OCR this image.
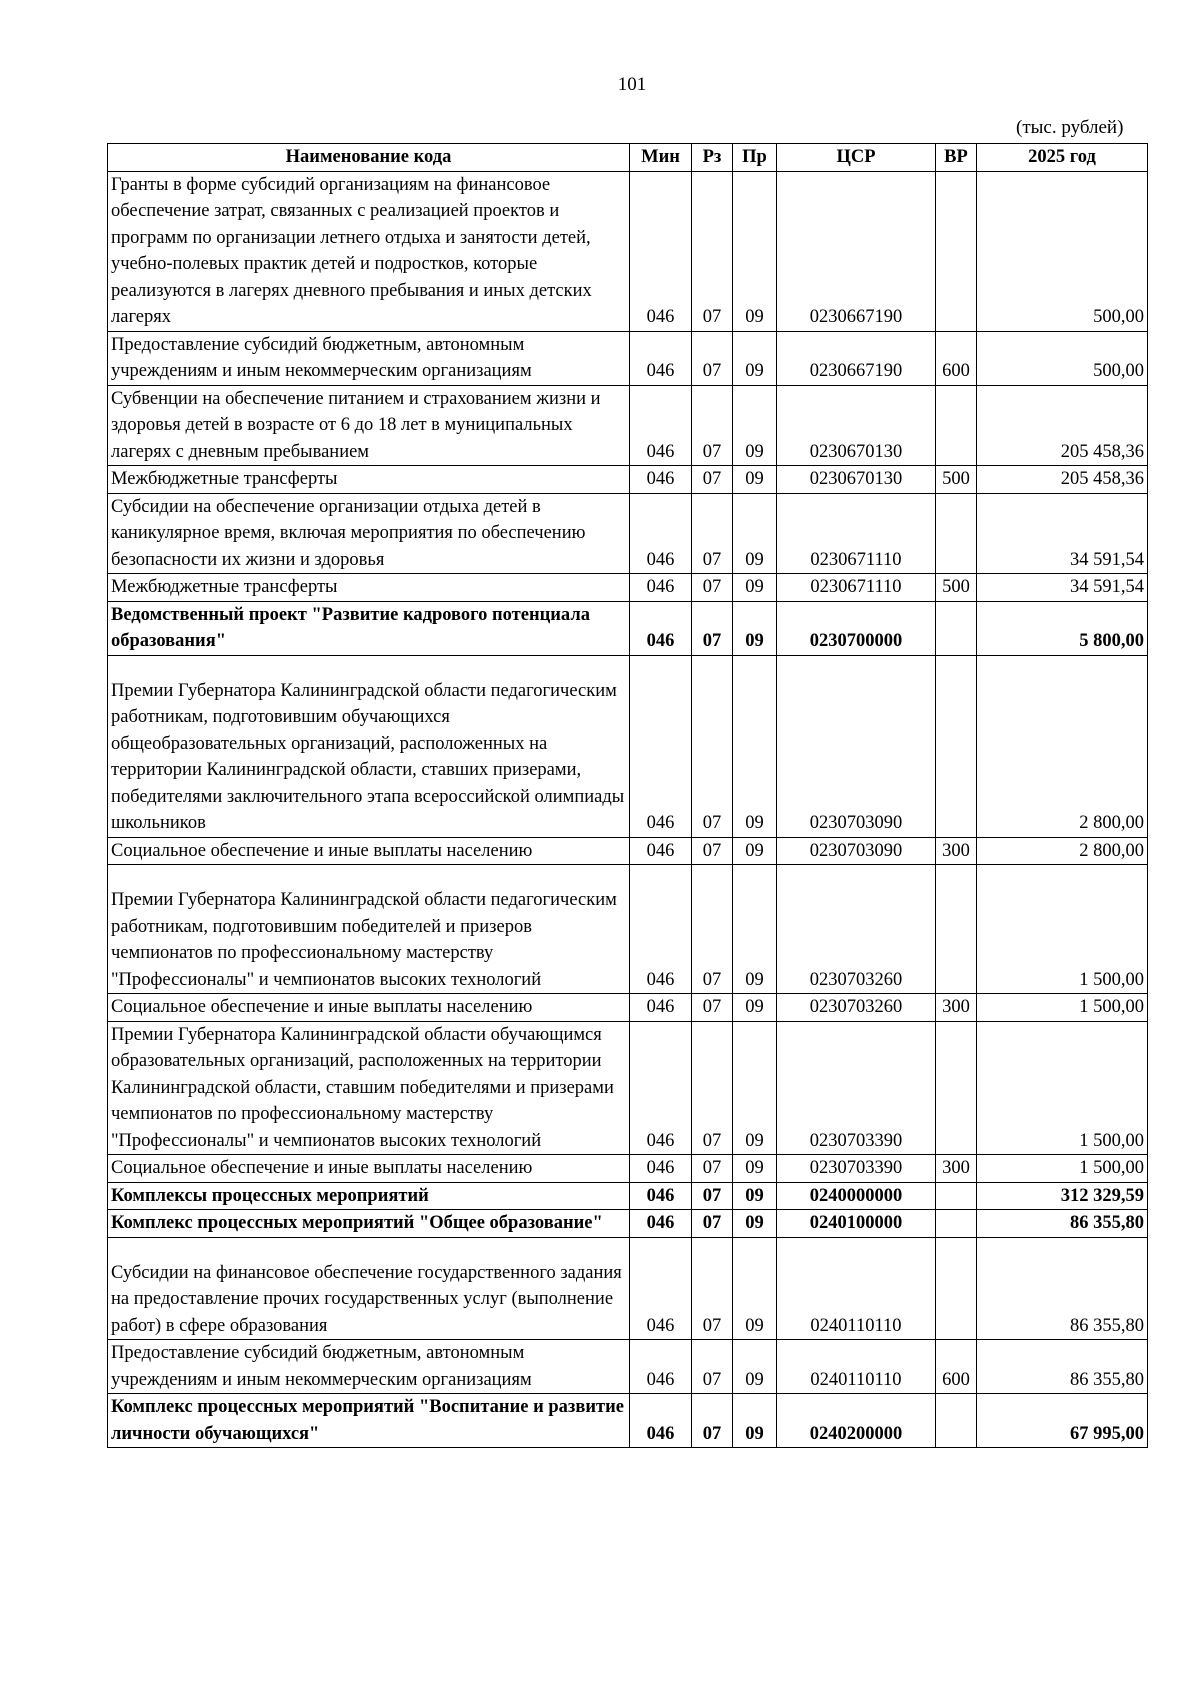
101
(тыс. рублей)
Наименование кода	Мин	Рз	Пр	ЦСР	ВР	2025 год
Гранты в форме субсидий организациям на финансовое обеспечение затрат, связанных с реализацией проектов и программ по организации летнего отдыха и занятости детей, учебно-полевых практик детей и подростков, которые реализуются в лагерях дневного пребывания и иных детских лагерях	046	07	09	0230667190		500,00
Предоставление субсидий бюджетным, автономным учреждениям и иным некоммерческим организациям	046	07	09	0230667190	600	500,00
Субвенции на обеспечение питанием и страхованием жизни и здоровья детей в возрасте от 6 до 18 лет в муниципальных лагерях с дневным пребыванием	046	07	09	0230670130		205 458,36
Межбюджетные трансферты	046	07	09	0230670130	500	205 458,36
Субсидии на обеспечение организации отдыха детей в каникулярное время, включая мероприятия по обеспечению безопасности их жизни и здоровья	046	07	09	0230671110		34 591,54
Межбюджетные трансферты	046	07	09	0230671110	500	34 591,54
Ведомственный проект "Развитие кадрового потенциала образования"	046	07	09	0230700000		5 800,00
Премии Губернатора Калининградской области педагогическим работникам, подготовившим обучающихся общеобразовательных организаций, расположенных на территории Калининградской области, ставших призерами, победителями заключительного этапа всероссийской олимпиады школьников	046	07	09	0230703090		2 800,00
Социальное обеспечение и иные выплаты населению	046	07	09	0230703090	300	2 800,00
Премии Губернатора Калининградской области педагогическим работникам, подготовившим победителей и призеров чемпионатов по профессиональному мастерству "Профессионалы" и чемпионатов высоких технологий	046	07	09	0230703260		1 500,00
Социальное обеспечение и иные выплаты населению	046	07	09	0230703260	300	1 500,00
Премии Губернатора Калининградской области обучающимся образовательных организаций, расположенных на территории Калининградской области, ставшим победителями и призерами чемпионатов по профессиональному мастерству "Профессионалы" и чемпионатов высоких технологий	046	07	09	0230703390		1 500,00
Социальное обеспечение и иные выплаты населению	046	07	09	0230703390	300	1 500,00
Комплексы процессных мероприятий	046	07	09	0240000000		312 329,59
Комплекс процессных мероприятий "Общее образование"	046	07	09	0240100000		86 355,80
Субсидии на финансовое обеспечение государственного задания на предоставление прочих государственных услуг (выполнение работ) в сфере образования	046	07	09	0240110110		86 355,80
Предоставление субсидий бюджетным, автономным учреждениям и иным некоммерческим организациям	046	07	09	0240110110	600	86 355,80
Комплекс процессных мероприятий "Воспитание и развитие личности обучающихся"	046	07	09	0240200000		67 995,00
